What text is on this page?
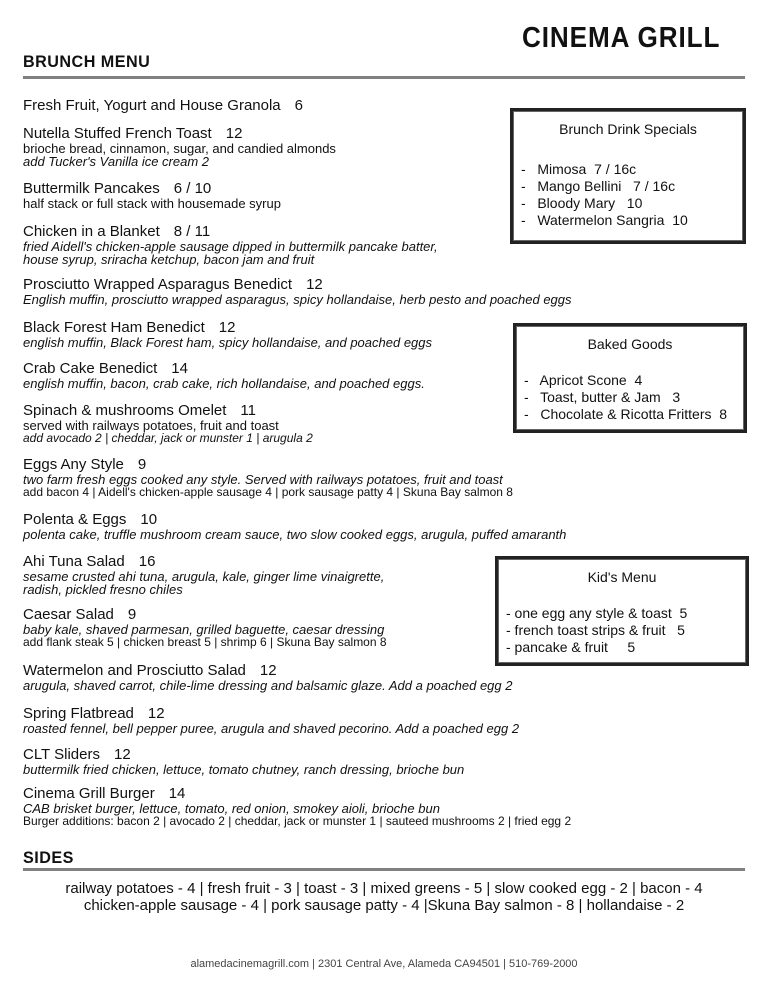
CINEMA GRILL
BRUNCH MENU
Fresh Fruit, Yogurt and House Granola 6
Nutella Stuffed French Toast 12
brioche bread, cinnamon, sugar, and candied almonds
add Tucker's Vanilla ice cream 2
Buttermilk Pancakes 6 / 10
half stack or full stack with housemade syrup
Chicken in a Blanket 8 / 11
fried Aidell's chicken-apple sausage dipped in buttermilk pancake batter,
house syrup, sriracha ketchup, bacon jam and fruit
Prosciutto Wrapped Asparagus Benedict 12
English muffin, prosciutto wrapped asparagus, spicy hollandaise, herb pesto and poached eggs
Black Forest Ham Benedict 12
english muffin, Black Forest ham, spicy hollandaise, and poached eggs
Crab Cake Benedict 14
english muffin, bacon, crab cake, rich hollandaise, and poached eggs.
Spinach & mushrooms Omelet 11
served with railways potatoes, fruit and toast
add avocado 2 | cheddar, jack or munster 1 | arugula 2
Eggs Any Style 9
two farm fresh eggs cooked any style. Served with railways potatoes, fruit and toast
add bacon 4 | Aidell's chicken-apple sausage 4 | pork sausage patty 4 | Skuna Bay salmon 8
Polenta & Eggs 10
polenta cake, truffle mushroom cream sauce, two slow cooked eggs, arugula, puffed amaranth
Ahi Tuna Salad 16
sesame crusted ahi tuna, arugula, kale, ginger lime vinaigrette,
radish, pickled fresno chiles
Caesar Salad 9
baby kale, shaved parmesan, grilled baguette, caesar dressing
add flank steak 5 | chicken breast 5 | shrimp 6 | Skuna Bay salmon 8
Watermelon and Prosciutto Salad 12
arugula, shaved carrot, chile-lime dressing and balsamic glaze. Add a poached egg 2
Spring Flatbread 12
roasted fennel, bell pepper puree, arugula and shaved pecorino. Add a poached egg 2
CLT Sliders 12
buttermilk fried chicken, lettuce, tomato chutney, ranch dressing, brioche bun
Cinema Grill Burger 14
CAB brisket burger, lettuce, tomato, red onion, smokey aioli, brioche bun
Burger additions: bacon 2 | avocado 2 | cheddar, jack or munster 1 | sauteed mushrooms 2 | fried egg 2
Brunch Drink Specials
-   Mimosa  7 / 16c
-   Mango Bellini   7 / 16c
-   Bloody Mary   10
-   Watermelon Sangria  10
Baked Goods
-   Apricot Scone  4
-   Toast, butter & Jam   3
-   Chocolate & Ricotta Fritters  8
Kid's Menu
- one egg any style & toast  5
- french toast strips & fruit   5
- pancake & fruit     5
SIDES
railway potatoes - 4 | fresh fruit - 3 | toast - 3 | mixed greens - 5 | slow cooked egg - 2 | bacon - 4
chicken-apple sausage - 4 | pork sausage patty - 4 |Skuna Bay salmon - 8 | hollandaise - 2
alamedacinemagrill.com | 2301 Central Ave, Alameda CA94501 | 510-769-2000
